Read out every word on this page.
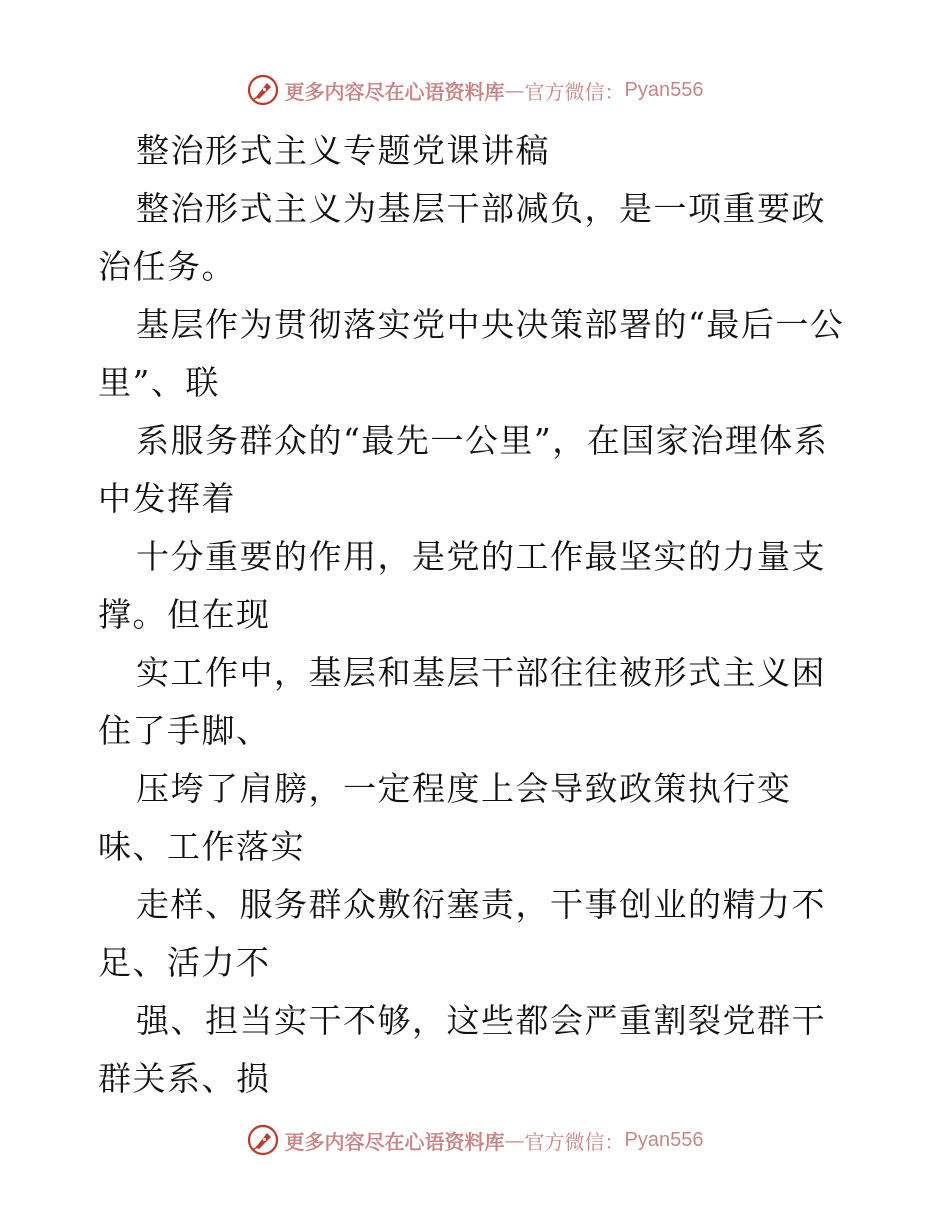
更多内容尽在心语资料库 — 官方微信： Pyan556

整治形式主义专题党课讲稿

整治形式主义为基层干部减负，是一项重要政治任务。

基层作为贯彻落实党中央决策部署的“最后一公里”、联

系服务群众的“最先一公里”，在国家治理体系中发挥着

十分重要的作用，是党的工作最坚实的力量支撑。但在现

实工作中，基层和基层干部往往被形式主义困住了手脚、

压垮了肩膀，一定程度上会导致政策执行变味、工作落实

走样、服务群众敷衍塞责，干事创业的精力不足、活力不

强、担当实干不够，这些都会严重割裂党群干群关系、损

更多内容尽在心语资料库 — 官方微信： Pyan556
